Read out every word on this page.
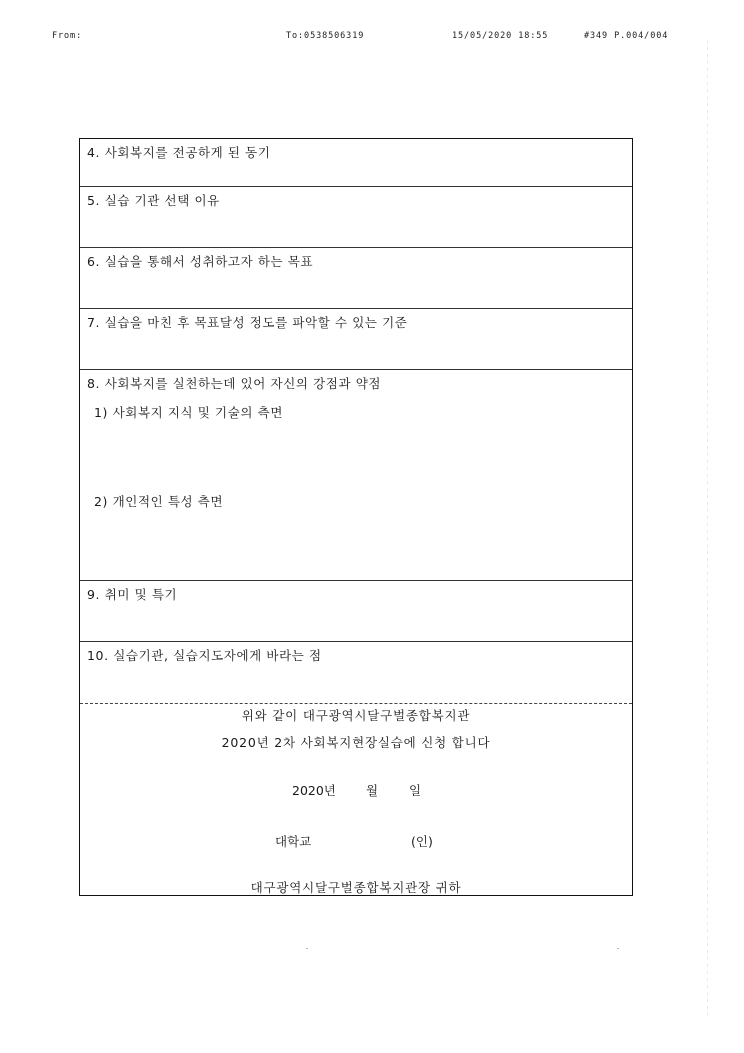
From:	To:0538506319	15/05/2020 18:55	#349 P.004/004
4. 사회복지를 전공하게 된 동기
5. 실습 기관 선택 이유
6. 실습을 통해서 성취하고자 하는 목표
7. 실습을 마친 후 목표달성 정도를 파악할 수 있는 기준
8. 사회복지를 실천하는데 있어 자신의 강점과 약점
1) 사회복지 지식 및 기술의 측면
2) 개인적인 특성 측면
9. 취미 및 특기
10. 실습기관, 실습지도자에게 바라는 점
위와 같이 대구광역시달구벌종합복지관
2020년 2차 사회복지현장실습에 신청 합니다
2020년 월 일
대학교	(인)
대구광역시달구벌종합복지관장 귀하
